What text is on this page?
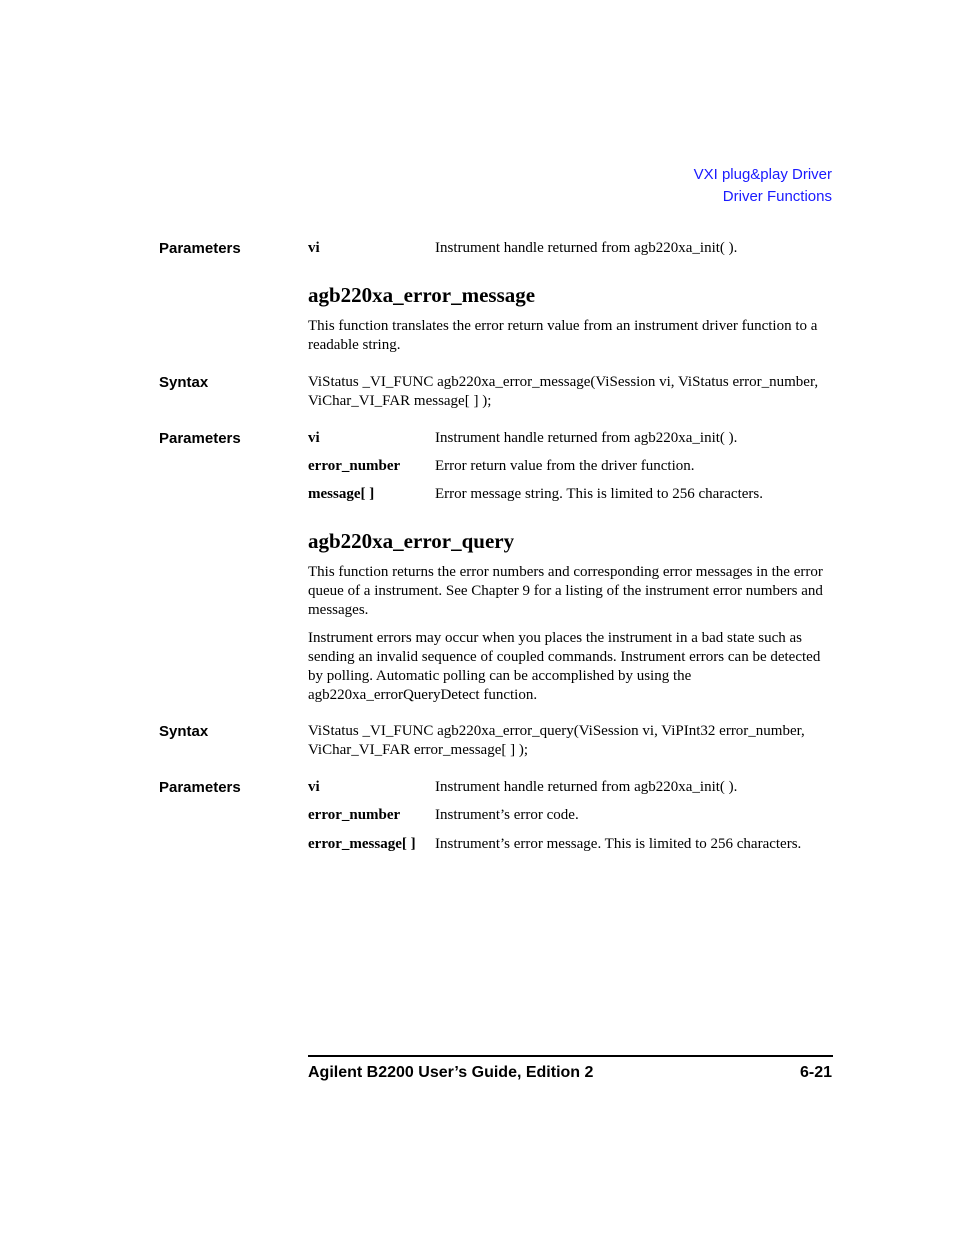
VXI plug&play Driver
Driver Functions
Parameters	vi	Instrument handle returned from agb220xa_init( ).
agb220xa_error_message
This function translates the error return value from an instrument driver function to a readable string.
Syntax	ViStatus _VI_FUNC agb220xa_error_message(ViSession vi, ViStatus error_number, ViChar_VI_FAR message[ ] );
Parameters	vi	Instrument handle returned from agb220xa_init( ).
error_number Error return value from the driver function.
message[ ]	Error message string. This is limited to 256 characters.
agb220xa_error_query
This function returns the error numbers and corresponding error messages in the error queue of a instrument. See Chapter 9 for a listing of the instrument error numbers and messages.
Instrument errors may occur when you places the instrument in a bad state such as sending an invalid sequence of coupled commands. Instrument errors can be detected by polling. Automatic polling can be accomplished by using the agb220xa_errorQueryDetect function.
Syntax	ViStatus _VI_FUNC agb220xa_error_query(ViSession vi, ViPInt32 error_number, ViChar_VI_FAR error_message[ ] );
Parameters	vi	Instrument handle returned from agb220xa_init( ).
error_number Instrument’s error code.
error_message[ ] Instrument’s error message. This is limited to 256 characters.
Agilent B2200 User’s Guide, Edition 2	6-21
